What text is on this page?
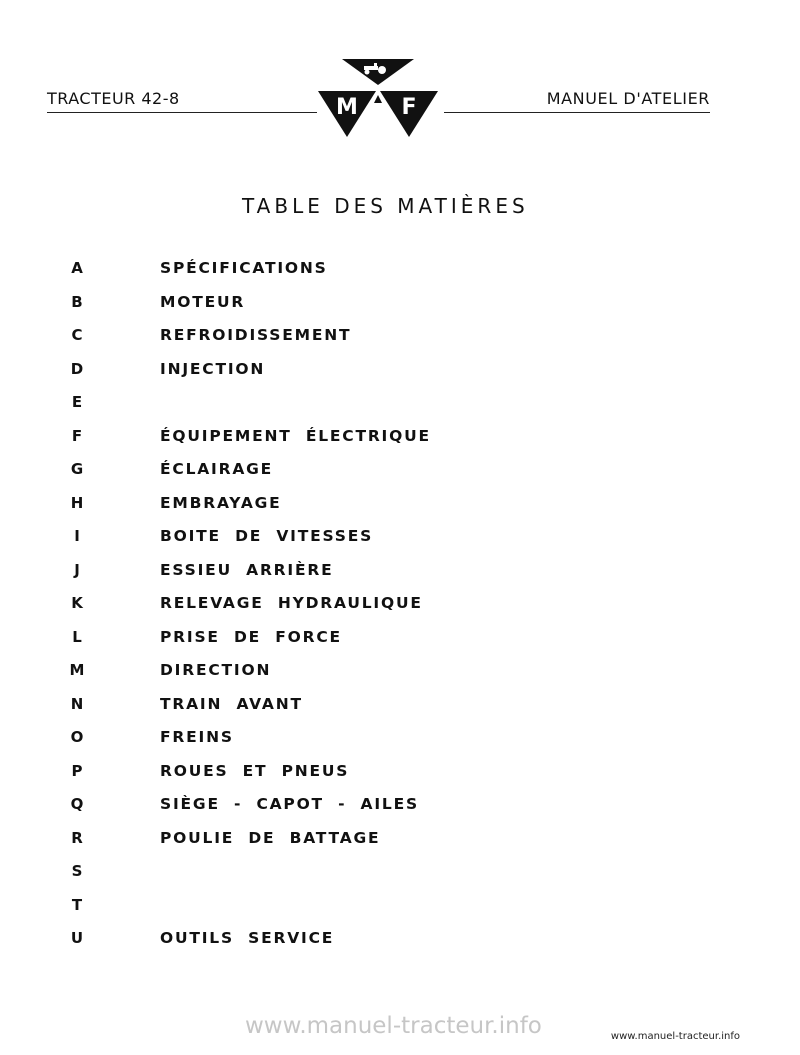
TRACTEUR 42-8	M F	MANUEL D'ATELIER
TABLE DES MATIÈRES
A	SPÉCIFICATIONS
B	MOTEUR
C	REFROIDISSEMENT
D	INJECTION
E
F	ÉQUIPEMENT ÉLECTRIQUE
G	ÉCLAIRAGE
H	EMBRAYAGE
I	BOITE DE VITESSES
J	ESSIEU ARRIÈRE
K	RELEVAGE HYDRAULIQUE
L	PRISE DE FORCE
M	DIRECTION
N	TRAIN AVANT
O	FREINS
P	ROUES ET PNEUS
Q	SIÈGE - CAPOT - AILES
R	POULIE DE BATTAGE
S
T
U	OUTILS SERVICE
www.manuel-tracteur.info	www.manuel-tracteur.info
